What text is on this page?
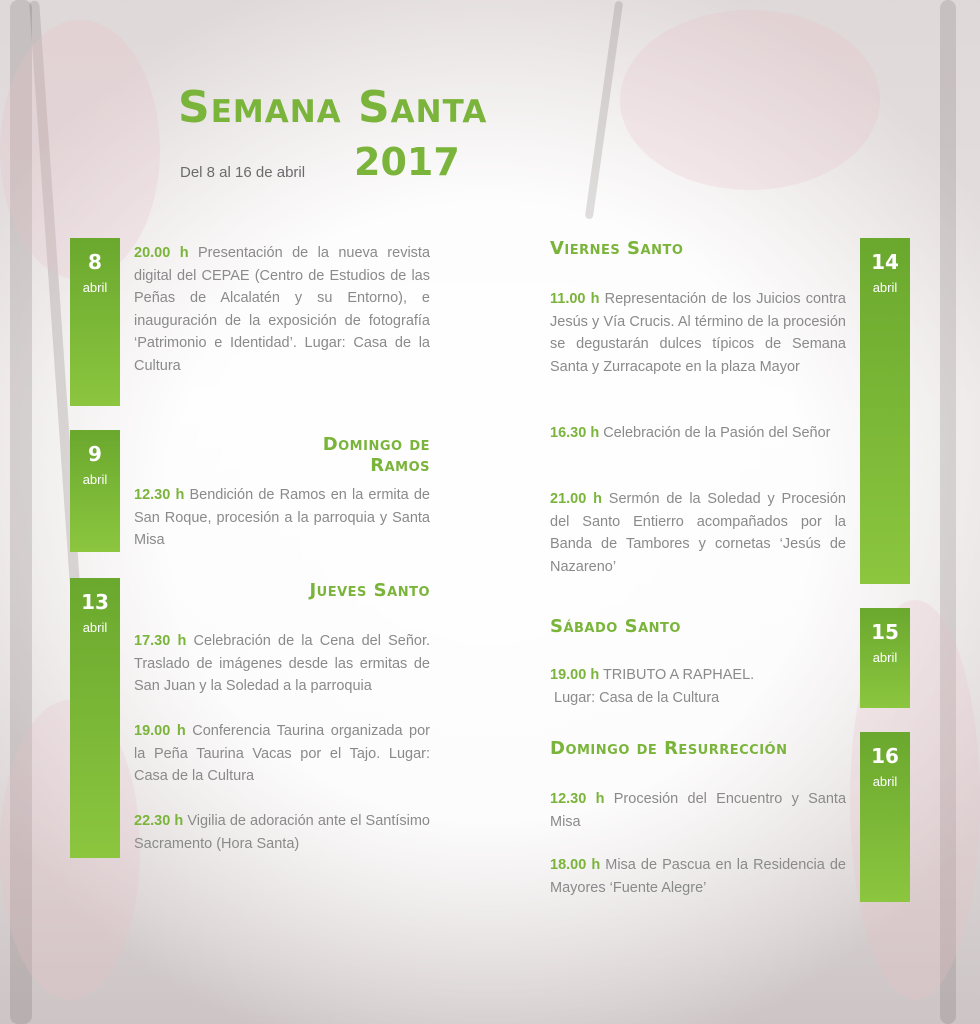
Semana Santa
2017
Del 8 al 16 de abril
8
abril
20.00 h Presentación de la nueva revista digital del CEPAE (Centro de Estudios de las Peñas de Alcalatén y su Entorno), e inauguración de la exposición de fotografía ‘Patrimonio e Identidad’. Lugar: Casa de la Cultura
9
abril
Domingo de Ramos
12.30 h Bendición de Ramos en la ermita de San Roque, procesión a la parroquia y Santa Misa
13
abril
Jueves Santo
17.30 h Celebración de la Cena del Señor. Traslado de imágenes desde las ermitas de San Juan y la Soledad a la parroquia
19.00 h Conferencia Taurina organizada por la Peña Taurina Vacas por el Tajo. Lugar: Casa de la Cultura
22.30 h Vigilia de adoración ante el Santísimo Sacramento (Hora Santa)
Viernes Santo
14
abril
11.00 h Representación de los Juicios contra Jesús y Vía Crucis. Al término de la procesión se degustarán dulces típicos de Semana Santa y Zurracapote en la plaza Mayor
16.30 h Celebración de la Pasión del Señor
21.00 h Sermón de la Soledad y Procesión del Santo Entierro acompañados por la Banda de Tambores y cornetas ‘Jesús de Nazareno’
Sábado Santo	15
abril
19.00 h TRIBUTO A RAPHAEL.
Lugar: Casa de la Cultura
Domingo de Resurrección	16
abril
12.30 h Procesión del Encuentro y Santa Misa
18.00 h Misa de Pascua en la Residencia de Mayores ‘Fuente Alegre’
